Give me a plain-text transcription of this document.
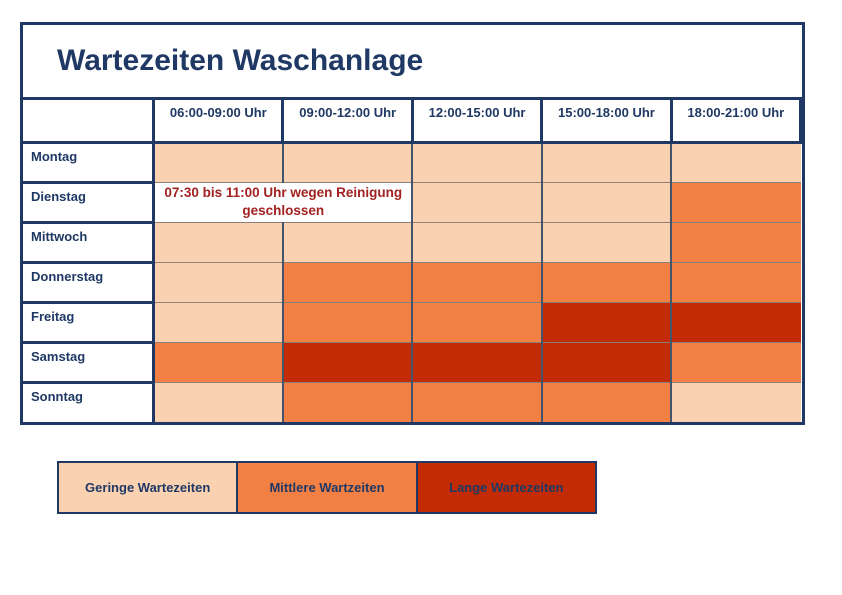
Wartezeiten Waschanlage
	06:00-09:00 Uhr	09:00-12:00 Uhr	12:00-15:00 Uhr	15:00-18:00 Uhr	18:00-21:00 Uhr
Montag					
Dienstag	07:30 bis 11:00 Uhr wegen Reinigung geschlossen				
Mittwoch					
Donnerstag					
Freitag					
Samstag					
Sonntag					
Geringe Wartezeiten	Mittlere Wartzeiten	Lange Wartezeiten
